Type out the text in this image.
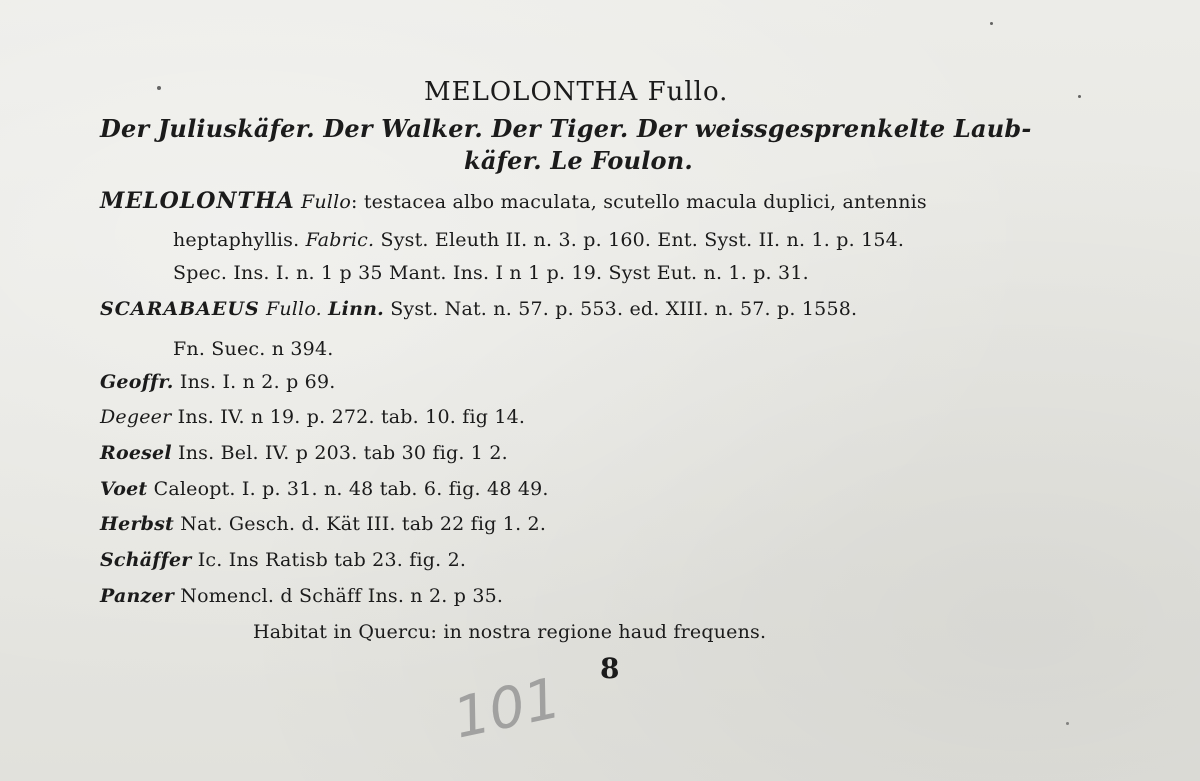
MELOLONTHA Fullo.
Der Juliuskäfer. Der Walker. Der Tiger. Der weissgesprenkelte Laub-
käfer. Le Foulon.
MELOLONTHA Fullo: testacea albo maculata, scutello macula duplici, antennis
heptaphyllis. Fabric. Syst. Eleuth II. n. 3. p. 160. Ent. Syst. II. n. 1. p. 154.
Spec. Ins. I. n. 1 p 35 Mant. Ins. I n 1 p. 19. Syst Eut. n. 1. p. 31.
SCARABAEUS Fullo. Linn. Syst. Nat. n. 57. p. 553. ed. XIII. n. 57. p. 1558.
Fn. Suec. n 394.
Geoffr. Ins. I. n 2. p 69.
Degeer Ins. IV. n 19. p. 272. tab. 10. fig 14.
Roesel Ins. Bel. IV. p 203. tab 30 fig. 1 2.
Voet Caleopt. I. p. 31. n. 48 tab. 6. fig. 48 49.
Herbst Nat. Gesch. d. Kät III. tab 22 fig 1. 2.
Schäffer Ic. Ins Ratisb tab 23. fig. 2.
Panzer Nomencl. d Schäff Ins. n 2. p 35.
Habitat in Quercu: in nostra regione haud frequens.
8
101
